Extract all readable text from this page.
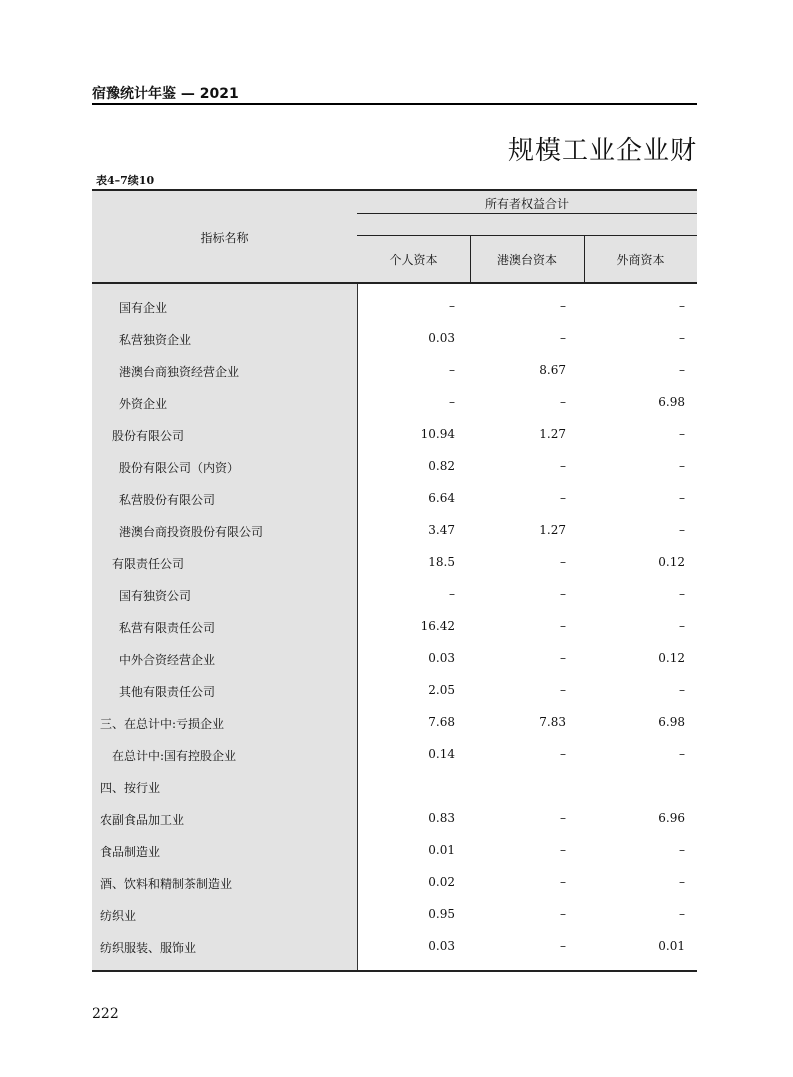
宿豫统计年鉴 — 2021
规模工业企业财
表4–7续10
指标名称
所有者权益合计
个人资本	港澳台资本	外商资本
国有企业	–	–	–
私营独资企业	0.03	–	–
港澳台商独资经营企业	–	8.67	–
外资企业	–	–	6.98
股份有限公司	10.94	1.27	–
股份有限公司（内资）	0.82	–	–
私营股份有限公司	6.64	–	–
港澳台商投资股份有限公司	3.47	1.27	–
有限责任公司	18.5	–	0.12
国有独资公司	–	–	–
私营有限责任公司	16.42	–	–
中外合资经营企业	0.03	–	0.12
其他有限责任公司	2.05	–	–
三、在总计中:亏损企业	7.68	7.83	6.98
在总计中:国有控股企业	0.14	–	–
四、按行业
农副食品加工业	0.83	–	6.96
食品制造业	0.01	–	–
酒、饮料和精制茶制造业	0.02	–	–
纺织业	0.95	–	–
纺织服装、服饰业	0.03	–	0.01
222
